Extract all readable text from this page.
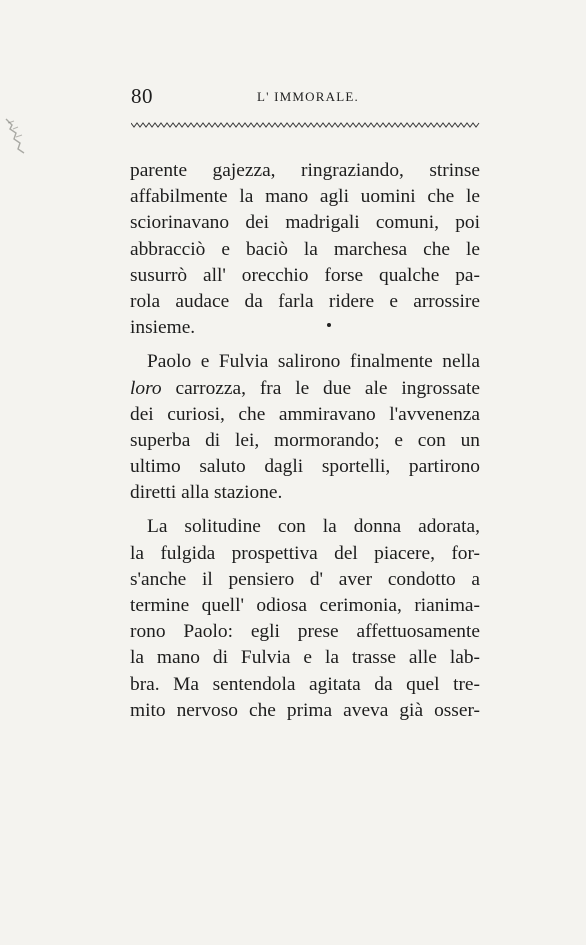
80	L' IMMORALE.
parente gajezza, ringraziando, strinse
affabilmente la mano agli uomini che le
sciorinavano dei madrigali comuni, poi
abbracciò e baciò la marchesa che le
susurrò all' orecchio forse qualche pa-
rola audace da farla ridere e arrossire
insieme.
Paolo e Fulvia salirono finalmente nella
loro carrozza, fra le due ale ingrossate
dei curiosi, che ammiravano l'avvenenza
superba di lei, mormorando; e con un
ultimo saluto dagli sportelli, partirono
diretti alla stazione.
La solitudine con la donna adorata,
la fulgida prospettiva del piacere, for-
s'anche il pensiero d' aver condotto a
termine quell' odiosa cerimonia, rianima-
rono Paolo: egli prese affettuosamente
la mano di Fulvia e la trasse alle lab-
bra. Ma sentendola agitata da quel tre-
mito nervoso che prima aveva già osser-
